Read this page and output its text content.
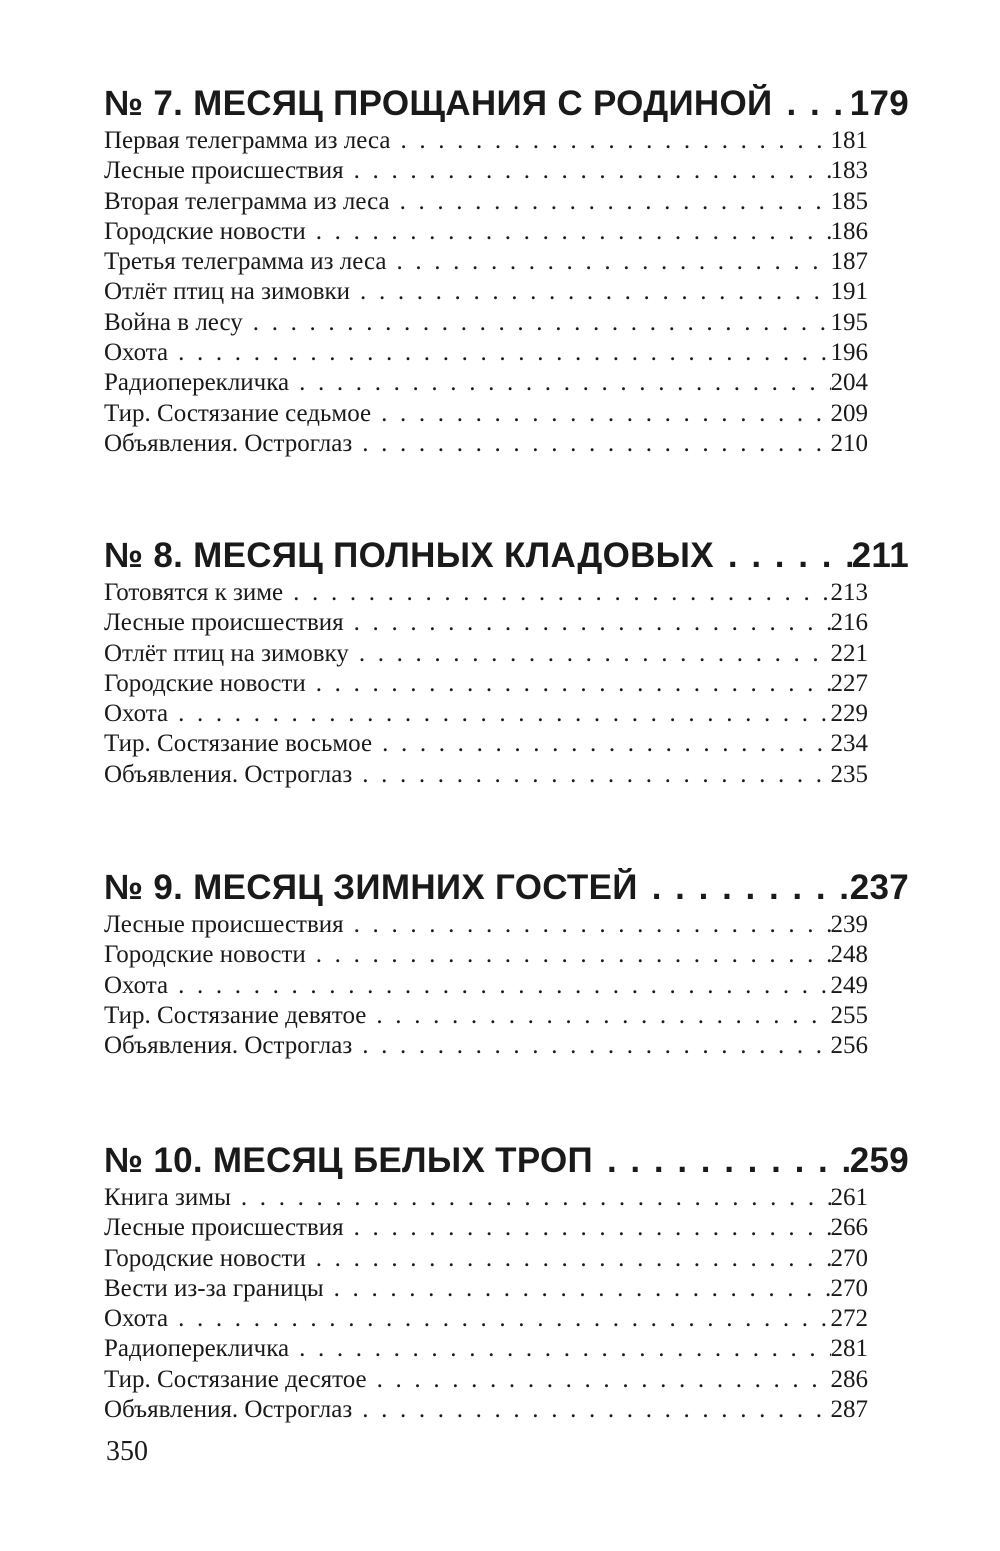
№ 7. МЕСЯЦ ПРОЩАНИЯ С РОДИНОЙ . . . 179
Первая телеграмма из леса . . .	181
Лесные происшествия . . .	183
Вторая телеграмма из леса . . .	185
Городские новости . . .	186
Третья телеграмма из леса . . .	187
Отлёт птиц на зимовки . . .	191
Война в лесу . . .	195
Охота . . .	196
Радиоперекличка . . .	204
Тир. Состязание седьмое . . .	209
Объявления. Остроглаз . . .	210
№ 8. МЕСЯЦ ПОЛНЫХ КЛАДОВЫХ . . .	211
Готовятся к зиме . . .	213
Лесные происшествия . . .	216
Отлёт птиц на зимовку . . .	221
Городские новости . . .	227
Охота . . .	229
Тир. Состязание восьмое . . .	234
Объявления. Остроглаз . . .	235
№ 9. МЕСЯЦ ЗИМНИХ ГОСТЕЙ . . .	237
Лесные происшествия . . .	239
Городские новости . . .	248
Охота . . .	249
Тир. Состязание девятое . . .	255
Объявления. Остроглаз . . .	256
№ 10. МЕСЯЦ БЕЛЫХ ТРОП . . .	259
Книга зимы . . .	261
Лесные происшествия . . .	266
Городские новости . . .	270
Вести из-за границы . . .	270
Охота . . .	272
Радиоперекличка . . .	281
Тир. Состязание десятое . . .	286
Объявления. Остроглаз . . .	287
350
